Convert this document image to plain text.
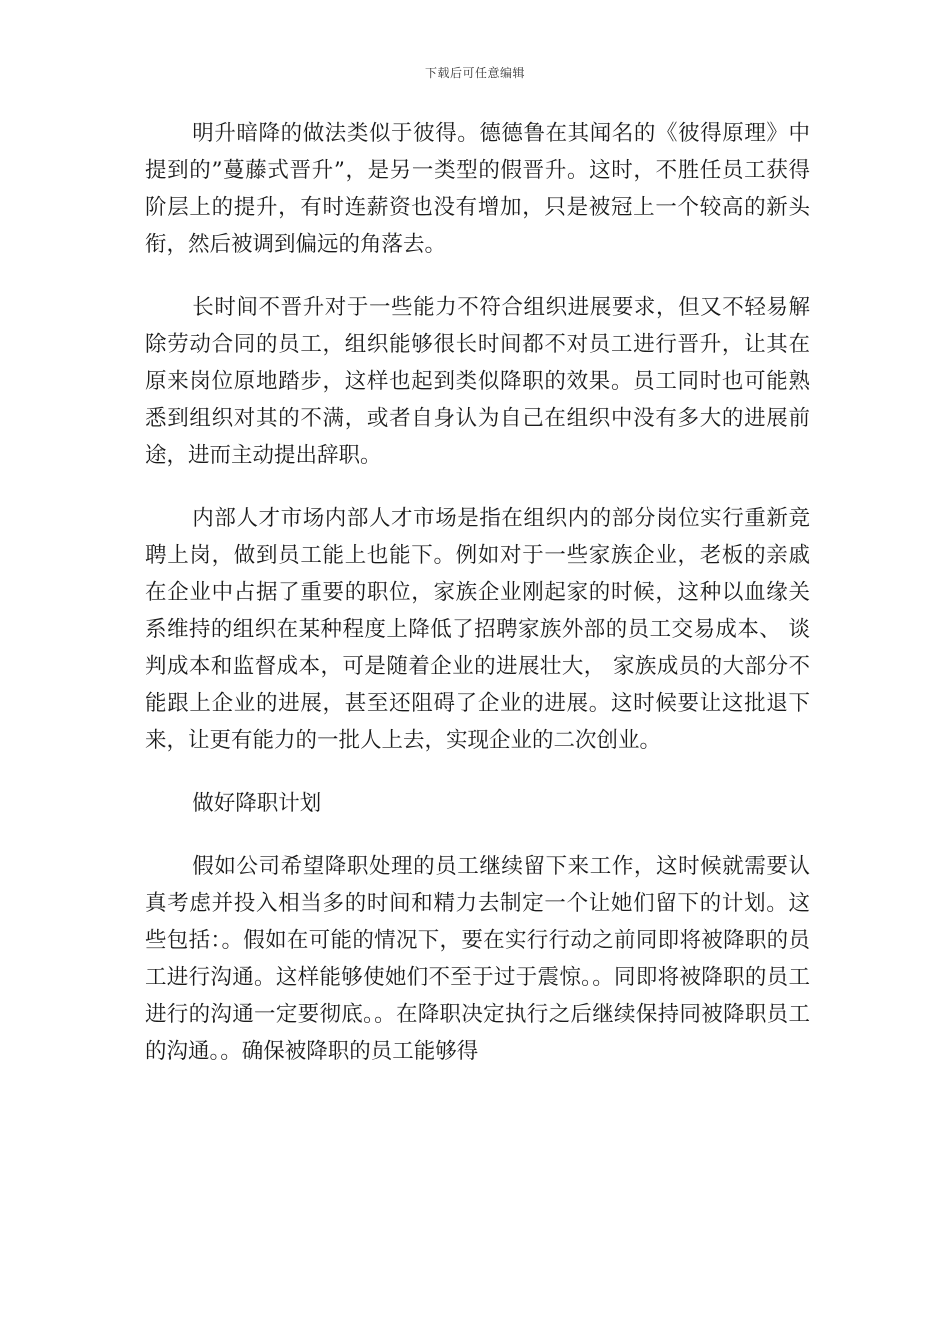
下载后可任意编辑

明升暗降的做法类似于彼得。德德鲁在其闻名的《彼得原理》中提到的”蔓藤式晋升”，是另一类型的假晋升。这时，不胜任员工获得阶层上的提升，有时连薪资也没有增加，只是被冠上一个较高的新头衔，然后被调到偏远的角落去。

长时间不晋升对于一些能力不符合组织进展要求，但又不轻易解除劳动合同的员工，组织能够很长时间都不对员工进行晋升，让其在原来岗位原地踏步，这样也起到类似降职的效果。员工同时也可能熟悉到组织对其的不满，或者自身认为自己在组织中没有多大的进展前途，进而主动提出辞职。

内部人才市场内部人才市场是指在组织内的部分岗位实行重新竞聘上岗，做到员工能上也能下。例如对于一些家族企业，老板的亲戚在企业中占据了重要的职位，家族企业刚起家的时候，这种以血缘关系维持的组织在某种程度上降低了招聘家族外部的员工交易成本、 谈判成本和监督成本，可是随着企业的进展壮大， 家族成员的大部分不能跟上企业的进展，甚至还阻碍了企业的进展。这时候要让这批退下来，让更有能力的一批人上去，实现企业的二次创业。

做好降职计划

假如公司希望降职处理的员工继续留下来工作，这时候就需要认真考虑并投入相当多的时间和精力去制定一个让她们留下的计划。这些包括：。假如在可能的情况下，要在实行行动之前同即将被降职的员工进行沟通。这样能够使她们不至于过于震惊。。同即将被降职的员工进行的沟通一定要彻底。。在降职决定执行之后继续保持同被降职员工的沟通。。确保被降职的员工能够得
